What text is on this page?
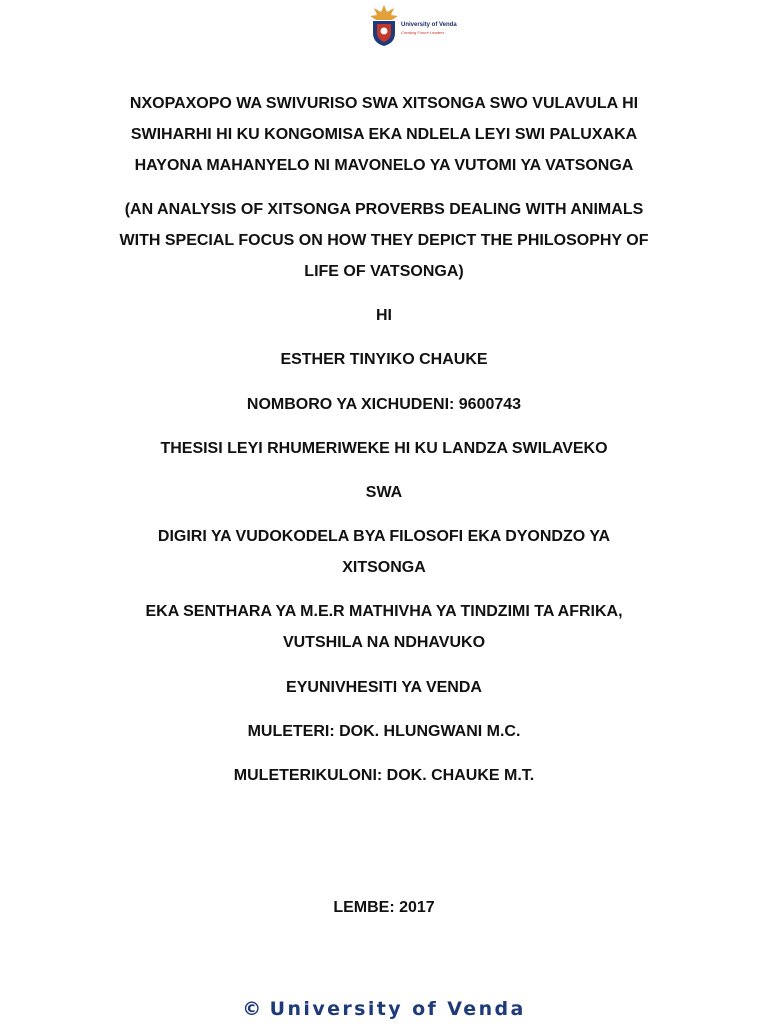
University of Venda
Creating Future Leaders
NXOPAXOPO WA SWIVURISO SWA XITSONGA SWO VULAVULA HI
SWIHARHI HI KU KONGOMISA EKA NDLELA LEYI SWI PALUXAKA
HAYONA MAHANYELO NI MAVONELO YA VUTOMI YA VATSONGA
(AN ANALYSIS OF XITSONGA PROVERBS DEALING WITH ANIMALS
WITH SPECIAL FOCUS ON HOW THEY DEPICT THE PHILOSOPHY OF
LIFE OF VATSONGA)
HI
ESTHER TINYIKO CHAUKE
NOMBORO YA XICHUDENI: 9600743
THESISI LEYI RHUMERIWEKE HI KU LANDZA SWILAVEKO
SWA
DIGIRI YA VUDOKODELA BYA FILOSOFI EKA DYONDZO YA
XITSONGA
EKA SENTHARA YA M.E.R MATHIVHA YA TINDZIMI TA AFRIKA,
VUTSHILA NA NDHAVUKO
EYUNIVHESITI YA VENDA
MULETERI: DOK. HLUNGWANI M.C.
MULETERIKULONI: DOK. CHAUKE M.T.
LEMBE: 2017
© University of Venda
